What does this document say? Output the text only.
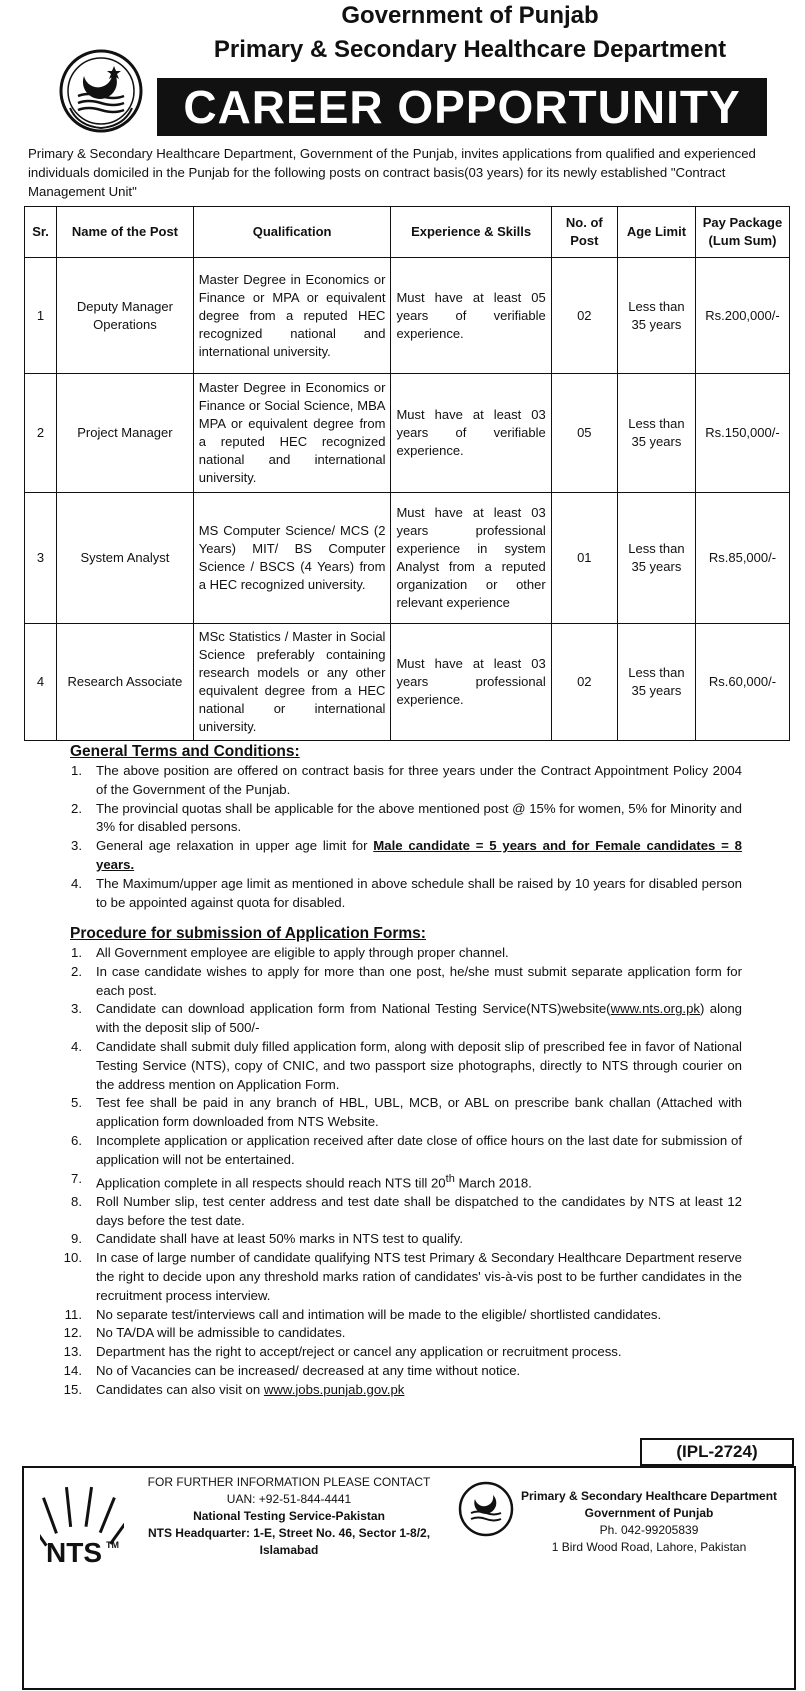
Government of Punjab
Primary & Secondary Healthcare Department
CAREER OPPORTUNITY
Primary & Secondary Healthcare Department, Government of the Punjab, invites applications from qualified and experienced individuals domiciled in the Punjab for the following posts on contract basis(03 years) for its newly established "Contract Management Unit"
Sr.	Name of the Post	Qualification	Experience & Skills	No. of Post	Age Limit	Pay Package (Lum Sum)
1	Deputy Manager Operations	Master Degree in Economics or Finance or MPA or equivalent degree from a reputed HEC recognized national and international university.	Must have at least 05 years of verifiable experience.	02	Less than 35 years	Rs.200,000/-
2	Project Manager	Master Degree in Economics or Finance or Social Science, MBA MPA or equivalent degree from a reputed HEC recognized national and international university.	Must have at least 03 years of verifiable experience.	05	Less than 35 years	Rs.150,000/-
3	System Analyst	MS Computer Science/ MCS (2 Years) MIT/ BS Computer Science / BSCS (4 Years) from a HEC recognized university.	Must have at least 03 years professional experience in system Analyst from a reputed organization or other relevant experience	01	Less than 35 years	Rs.85,000/-
4	Research Associate	MSc Statistics / Master in Social Science preferably containing research models or any other equivalent degree from a HEC national or international university.	Must have at least 03 years professional experience.	02	Less than 35 years	Rs.60,000/-
General Terms and Conditions:
1. The above position are offered on contract basis for three years under the Contract Appointment Policy 2004 of the Government of the Punjab.
2. The provincial quotas shall be applicable for the above mentioned post @ 15% for women, 5% for Minority and 3% for disabled persons.
3. General age relaxation in upper age limit for Male candidate = 5 years and for Female candidates = 8 years.
4. The Maximum/upper age limit as mentioned in above schedule shall be raised by 10 years for disabled person to be appointed against quota for disabled.
Procedure for submission of Application Forms:
1. All Government employee are eligible to apply through proper channel.
2. In case candidate wishes to apply for more than one post, he/she must submit separate application form for each post.
3. Candidate can download application form from National Testing Service(NTS)website(www.nts.org.pk) along with the deposit slip of 500/-
4. Candidate shall submit duly filled application form, along with deposit slip of prescribed fee in favor of National Testing Service (NTS), copy of CNIC, and two passport size photographs, directly to NTS through courier on the address mention on Application Form.
5. Test fee shall be paid in any branch of HBL, UBL, MCB, or ABL on prescribe bank challan (Attached with application form downloaded from NTS Website.
6. Incomplete application or application received after date close of office hours on the last date for submission of application will not be entertained.
7. Application complete in all respects should reach NTS till 20th March 2018.
8. Roll Number slip, test center address and test date shall be dispatched to the candidates by NTS at least 12 days before the test date.
9. Candidate shall have at least 50% marks in NTS test to qualify.
10. In case of large number of candidate qualifying NTS test Primary & Secondary Healthcare Department reserve the right to decide upon any threshold marks ration of candidates' vis-à-vis post to be further candidates in the recruitment process interview.
11. No separate test/interviews call and intimation will be made to the eligible/ shortlisted candidates.
12. No TA/DA will be admissible to candidates.
13. Department has the right to accept/reject or cancel any application or recruitment process.
14. No of Vacancies can be increased/ decreased at any time without notice.
15. Candidates can also visit on www.jobs.punjab.gov.pk
(IPL-2724)
NTS TM
FOR FURTHER INFORMATION PLEASE CONTACT
UAN: +92-51-844-4441
National Testing Service-Pakistan
NTS Headquarter: 1-E, Street No. 46, Sector 1-8/2, Islamabad
Primary & Secondary Healthcare Department
Government of Punjab
Ph. 042-99205839
1 Bird Wood Road, Lahore, Pakistan
